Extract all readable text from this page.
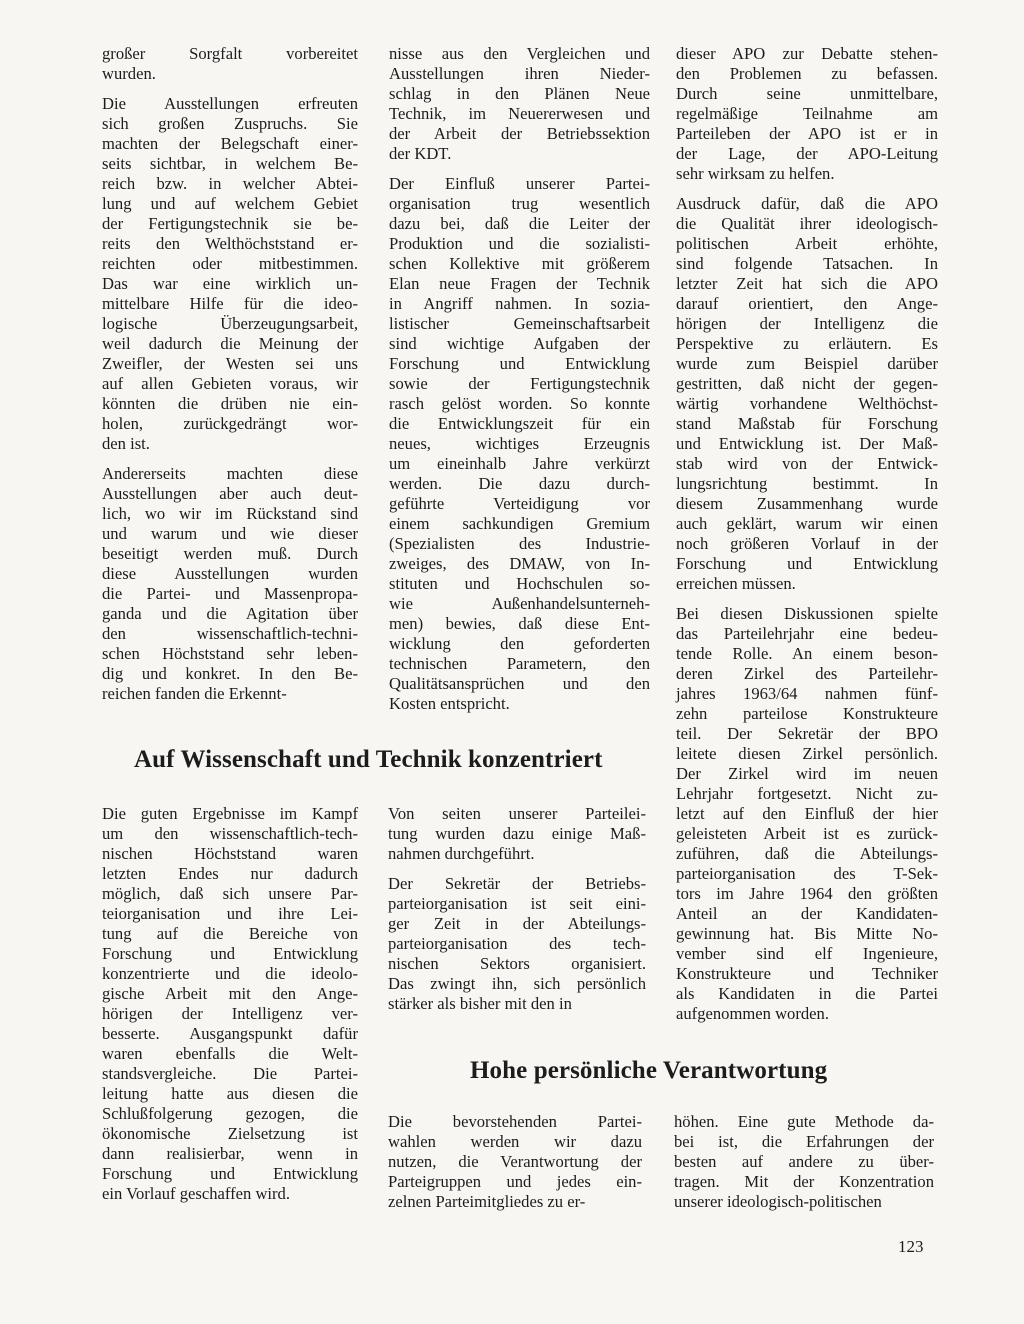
großer Sorgfalt vorbereitet
wurden.

Die Ausstellungen erfreuten
sich großen Zuspruchs. Sie
machten der Belegschaft einer-
seits sichtbar, in welchem Be-
reich bzw. in welcher Abtei-
lung und auf welchem Gebiet
der Fertigungstechnik sie be-
reits den Welthöchststand er-
reichten oder mitbestimmen.
Das war eine wirklich un-
mittelbare Hilfe für die ideo-
logische Überzeugungsarbeit,
weil dadurch die Meinung der
Zweifler, der Westen sei uns
auf allen Gebieten voraus, wir
könnten die drüben nie ein-
holen, zurückgedrängt wor-
den ist.

Andererseits machten diese
Ausstellungen aber auch deut-
lich, wo wir im Rückstand sind
und warum und wie dieser
beseitigt werden muß. Durch
diese Ausstellungen wurden
die Partei- und Massenpropa-
ganda und die Agitation über
den wissenschaftlich-techni-
schen Höchststand sehr leben-
dig und konkret. In den Be-
reichen fanden die Erkennt-

nisse aus den Vergleichen und
Ausstellungen ihren Nieder-
schlag in den Plänen Neue
Technik, im Neuererwesen und
der Arbeit der Betriebssektion
der KDT.

Der Einfluß unserer Partei-
organisation trug wesentlich
dazu bei, daß die Leiter der
Produktion und die sozialisti-
schen Kollektive mit größerem
Elan neue Fragen der Technik
in Angriff nahmen. In sozia-
listischer Gemeinschaftsarbeit
sind wichtige Aufgaben der
Forschung und Entwicklung
sowie der Fertigungstechnik
rasch gelöst worden. So konnte
die Entwicklungszeit für ein
neues, wichtiges Erzeugnis
um eineinhalb Jahre verkürzt
werden. Die dazu durch-
geführte Verteidigung vor
einem sachkundigen Gremium
(Spezialisten des Industrie-
zweiges, des DMAW, von In-
stituten und Hochschulen so-
wie Außenhandelsunterneh-
men) bewies, daß diese Ent-
wicklung den geforderten
technischen Parametern, den
Qualitätsansprüchen und den
Kosten entspricht.

dieser APO zur Debatte stehen-
den Problemen zu befassen.
Durch seine unmittelbare,
regelmäßige Teilnahme am
Parteileben der APO ist er in
der Lage, der APO-Leitung
sehr wirksam zu helfen.

Ausdruck dafür, daß die APO
die Qualität ihrer ideologisch-
politischen Arbeit erhöhte,
sind folgende Tatsachen. In
letzter Zeit hat sich die APO
darauf orientiert, den Ange-
hörigen der Intelligenz die
Perspektive zu erläutern. Es
wurde zum Beispiel darüber
gestritten, daß nicht der gegen-
wärtig vorhandene Welthöchst-
stand Maßstab für Forschung
und Entwicklung ist. Der Maß-
stab wird von der Entwick-
lungsrichtung bestimmt. In
diesem Zusammenhang wurde
auch geklärt, warum wir einen
noch größeren Vorlauf in der
Forschung und Entwicklung
erreichen müssen.

Bei diesen Diskussionen spielte
das Parteilehrjahr eine bedeu-
tende Rolle. An einem beson-
deren Zirkel des Parteilehr-
jahres 1963/64 nahmen fünf-
zehn parteilose Konstrukteure
teil. Der Sekretär der BPO
leitete diesen Zirkel persönlich.
Der Zirkel wird im neuen
Lehrjahr fortgesetzt. Nicht zu-
letzt auf den Einfluß der hier
geleisteten Arbeit ist es zurück-
zuführen, daß die Abteilungs-
parteiorganisation des T-Sek-
tors im Jahre 1964 den größten
Anteil an der Kandidaten-
gewinnung hat. Bis Mitte No-
vember sind elf Ingenieure,
Konstrukteure und Techniker
als Kandidaten in die Partei
aufgenommen worden.

Auf Wissenschaft und Technik konzentriert

Die guten Ergebnisse im Kampf
um den wissenschaftlich-tech-
nischen Höchststand waren
letzten Endes nur dadurch
möglich, daß sich unsere Par-
teiorganisation und ihre Lei-
tung auf die Bereiche von
Forschung und Entwicklung
konzentrierte und die ideolo-
gische Arbeit mit den Ange-
hörigen der Intelligenz ver-
besserte. Ausgangspunkt dafür
waren ebenfalls die Welt-
standsvergleiche. Die Partei-
leitung hatte aus diesen die
Schlußfolgerung gezogen, die
ökonomische Zielsetzung ist
dann realisierbar, wenn in
Forschung und Entwicklung
ein Vorlauf geschaffen wird.

Von seiten unserer Parteilei-
tung wurden dazu einige Maß-
nahmen durchgeführt.

Der Sekretär der Betriebs-
parteiorganisation ist seit eini-
ger Zeit in der Abteilungs-
parteiorganisation des tech-
nischen Sektors organisiert.
Das zwingt ihn, sich persönlich
stärker als bisher mit den in

Hohe persönliche Verantwortung

Die bevorstehenden Partei-
wahlen werden wir dazu
nutzen, die Verantwortung der
Parteigruppen und jedes ein-
zelnen Parteimitgliedes zu er-

höhen. Eine gute Methode da-
bei ist, die Erfahrungen der
besten auf andere zu über-
tragen. Mit der Konzentration
unserer ideologisch-politischen

123
